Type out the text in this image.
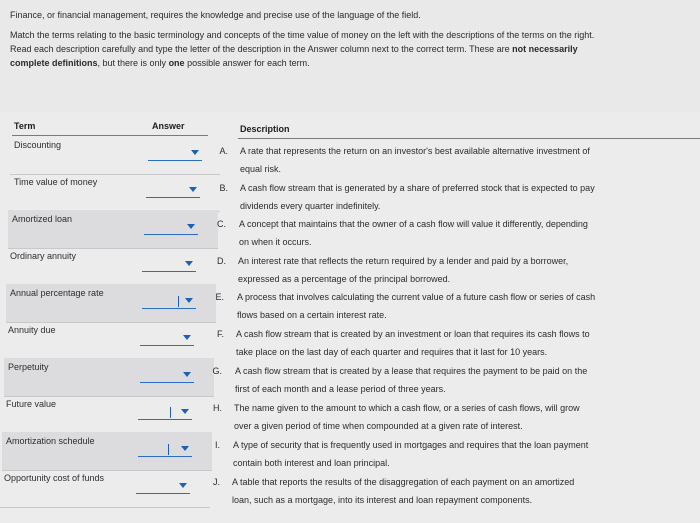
Finance, or financial management, requires the knowledge and precise use of the language of the field.

Match the terms relating to the basic terminology and concepts of the time value of money on the left with the descriptions of the terms on the right.
Read each description carefully and type the letter of the description in the Answer column next to the correct term. These are not necessarily
complete definitions, but there is only one possible answer for each term.

Term	Answer	Description
Discounting
Time value of money
Amortized loan
Ordinary annuity
Annual percentage rate
Annuity due
Perpetuity
Future value
Amortization schedule
Opportunity cost of funds
A. A rate that represents the return on an investor's best available alternative investment of
equal risk.
B. A cash flow stream that is generated by a share of preferred stock that is expected to pay
dividends every quarter indefinitely.
C. A concept that maintains that the owner of a cash flow will value it differently, depending
on when it occurs.
D. An interest rate that reflects the return required by a lender and paid by a borrower,
expressed as a percentage of the principal borrowed.
E. A process that involves calculating the current value of a future cash flow or series of cash
flows based on a certain interest rate.
F. A cash flow stream that is created by an investment or loan that requires its cash flows to
take place on the last day of each quarter and requires that it last for 10 years.
G. A cash flow stream that is created by a lease that requires the payment to be paid on the
first of each month and a lease period of three years.
H. The name given to the amount to which a cash flow, or a series of cash flows, will grow
over a given period of time when compounded at a given rate of interest.
I. A type of security that is frequently used in mortgages and requires that the loan payment
contain both interest and loan principal.
J. A table that reports the results of the disaggregation of each payment on an amortized
loan, such as a mortgage, into its interest and loan repayment components.
